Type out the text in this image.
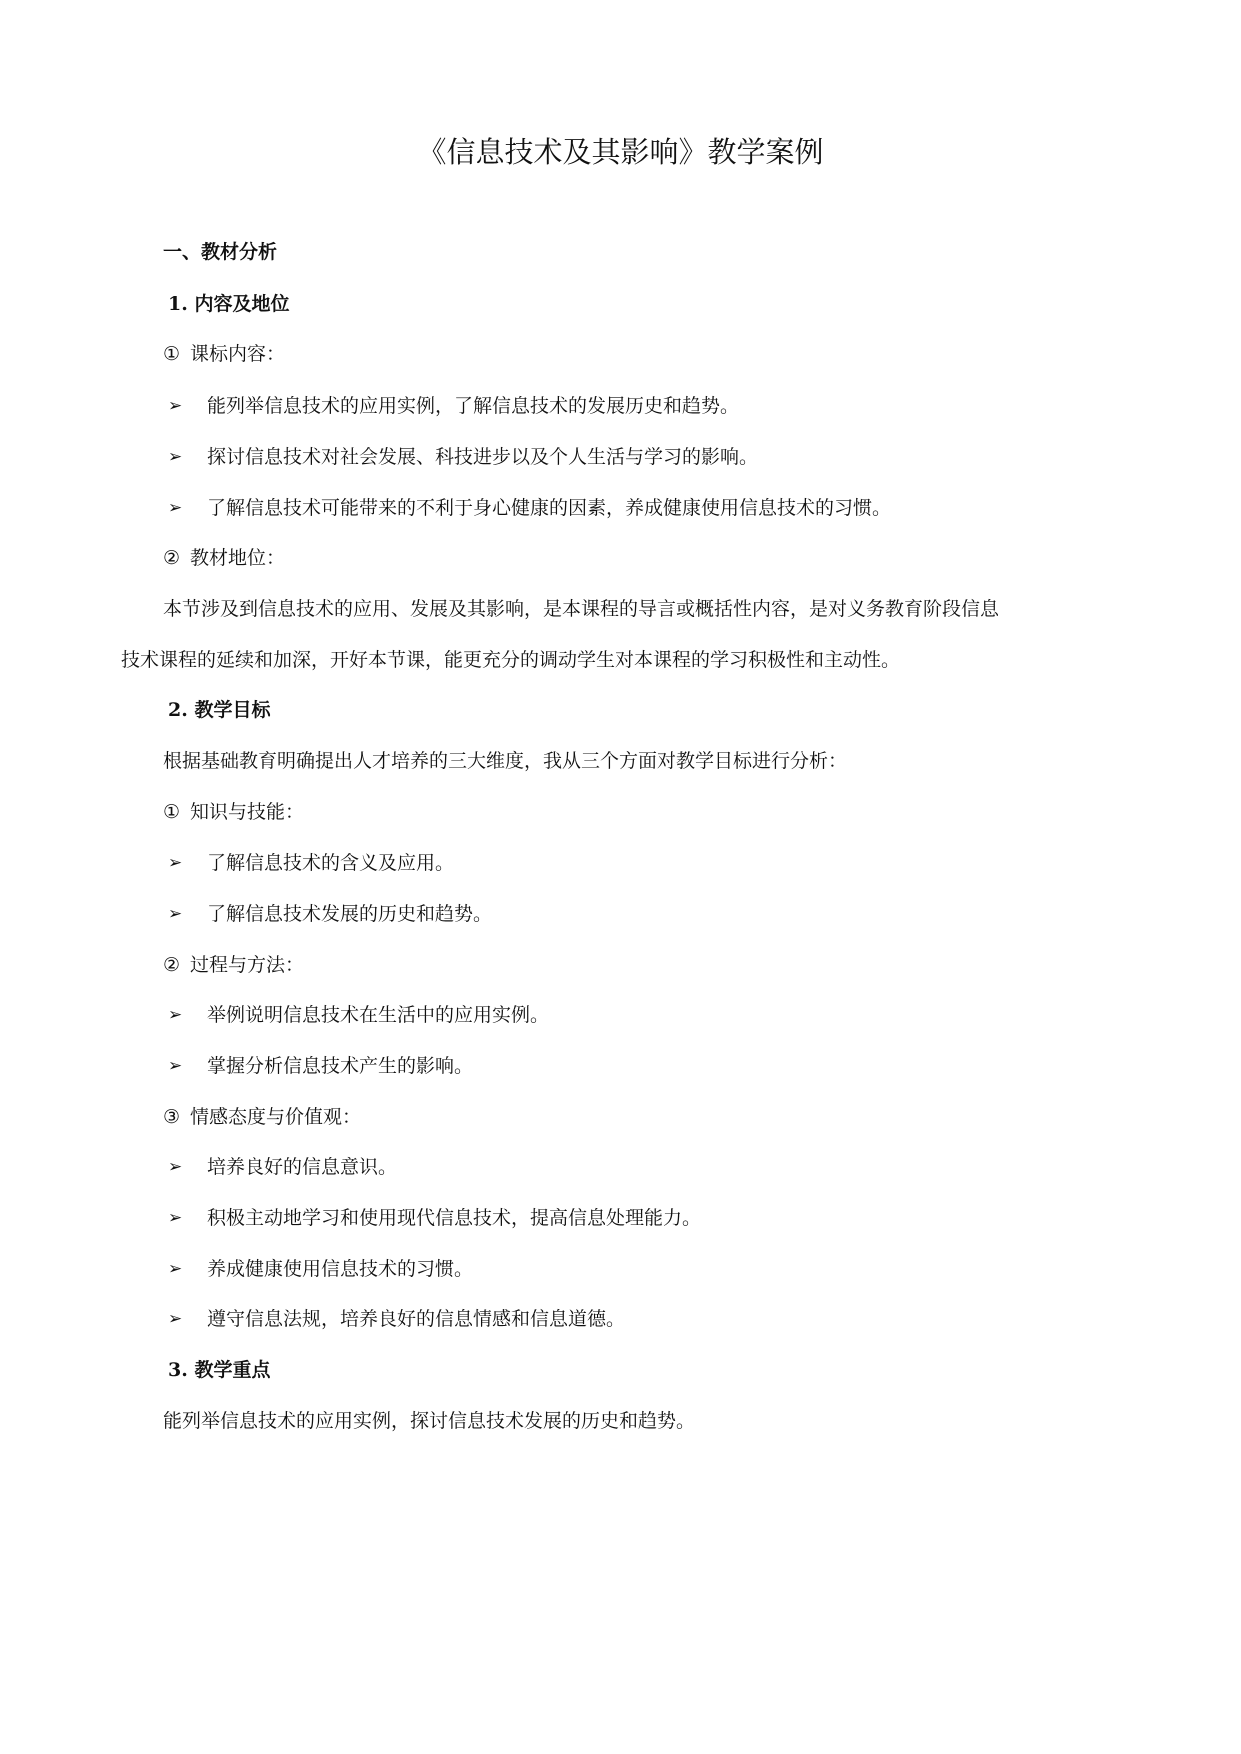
《信息技术及其影响》教学案例
一、教材分析
1. 内容及地位
① 课标内容：
➢ 能列举信息技术的应用实例，了解信息技术的发展历史和趋势。
➢ 探讨信息技术对社会发展、科技进步以及个人生活与学习的影响。
➢ 了解信息技术可能带来的不利于身心健康的因素，养成健康使用信息技术的习惯。
② 教材地位：
本节涉及到信息技术的应用、发展及其影响，是本课程的导言或概括性内容，是对义务教育阶段信息
技术课程的延续和加深，开好本节课，能更充分的调动学生对本课程的学习积极性和主动性。
2. 教学目标
根据基础教育明确提出人才培养的三大维度，我从三个方面对教学目标进行分析：
① 知识与技能：
➢ 了解信息技术的含义及应用。
➢ 了解信息技术发展的历史和趋势。
② 过程与方法：
➢ 举例说明信息技术在生活中的应用实例。
➢ 掌握分析信息技术产生的影响。
③ 情感态度与价值观：
➢ 培养良好的信息意识。
➢ 积极主动地学习和使用现代信息技术，提高信息处理能力。
➢ 养成健康使用信息技术的习惯。
➢ 遵守信息法规，培养良好的信息情感和信息道德。
3. 教学重点
能列举信息技术的应用实例，探讨信息技术发展的历史和趋势。
